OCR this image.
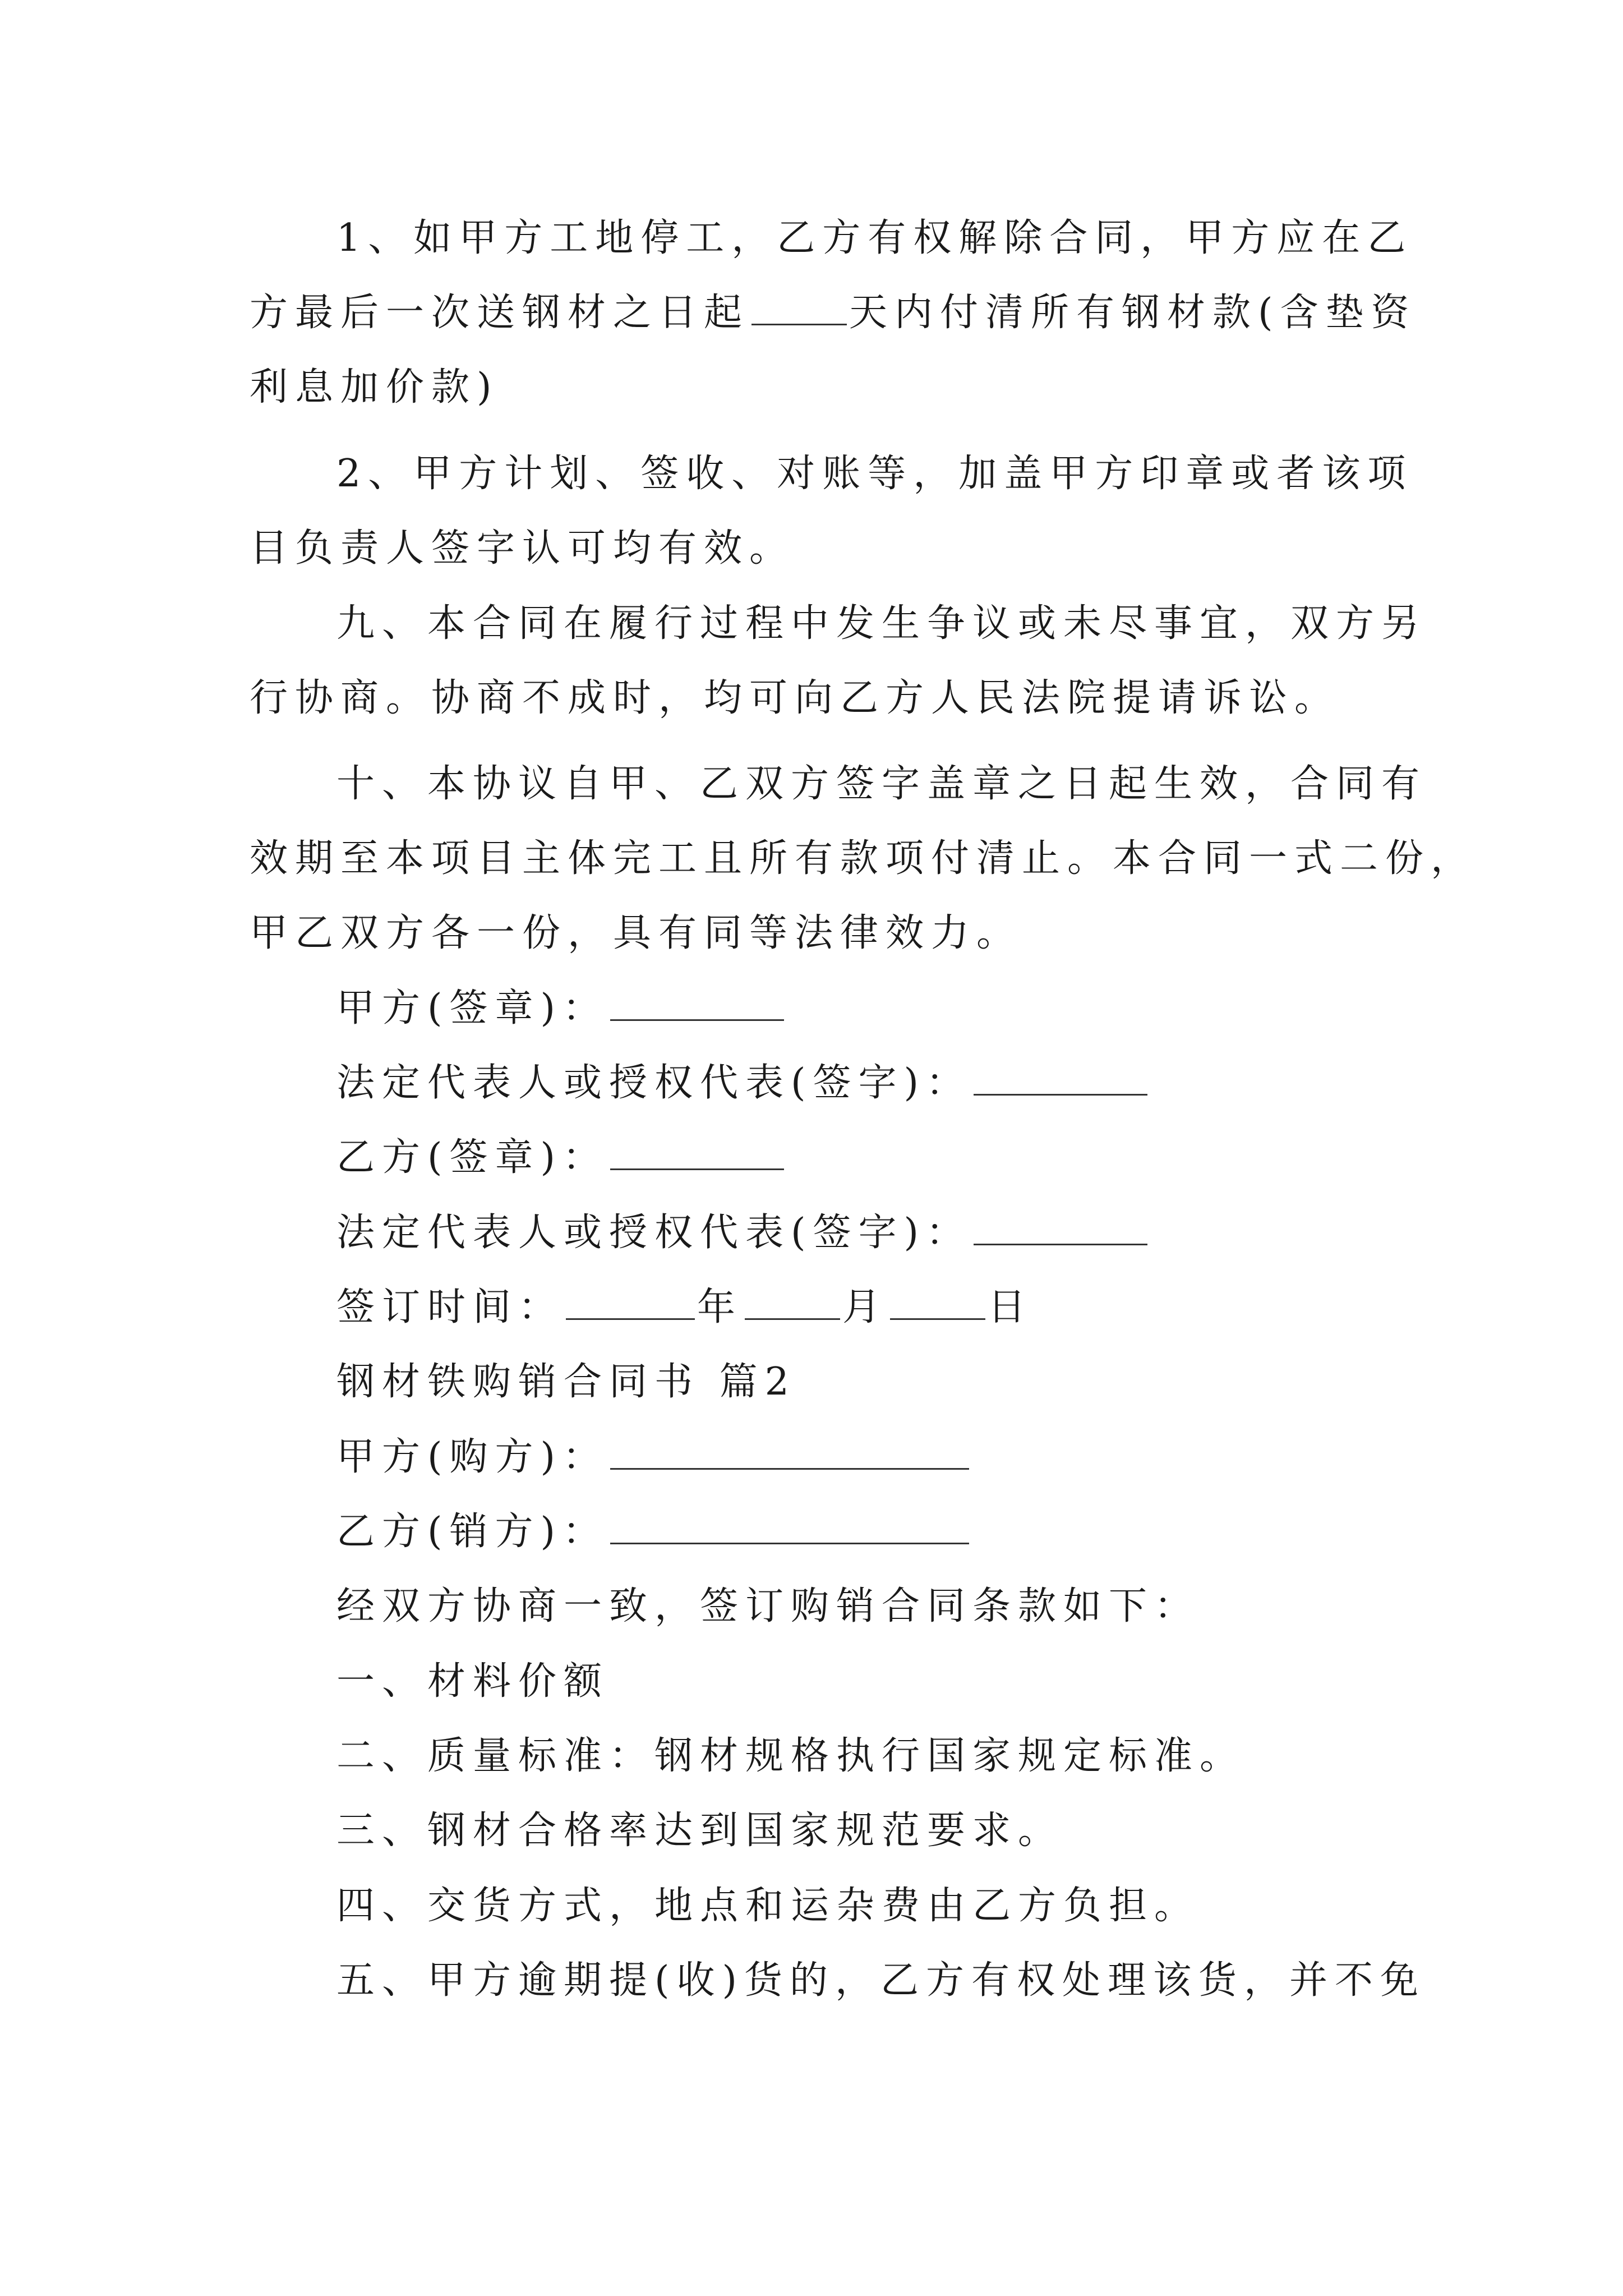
1、如甲方工地停工，乙方有权解除合同，甲方应在乙
方最后一次送钢材之日起	天内付清所有钢材款(含垫资
利息加价款)
2、甲方计划、签收、对账等，加盖甲方印章或者该项
目负责人签字认可均有效。
九、本合同在履行过程中发生争议或未尽事宜，双方另
行协商。协商不成时，均可向乙方人民法院提请诉讼。
十、本协议自甲、乙双方签字盖章之日起生效，合同有
效期至本项目主体完工且所有款项付清止。本合同一式二份，
甲乙双方各一份，具有同等法律效力。
甲方(签章)：
法定代表人或授权代表(签字)：
乙方(签章)：
法定代表人或授权代表(签字)：
签订时间：	年	月	日
钢材铁购销合同书 篇2
甲方(购方)：
乙方(销方)：
经双方协商一致，签订购销合同条款如下：
一、材料价额
二、质量标准：钢材规格执行国家规定标准。
三、钢材合格率达到国家规范要求。
四、交货方式，地点和运杂费由乙方负担。
五、甲方逾期提(收)货的，乙方有权处理该货，并不免
